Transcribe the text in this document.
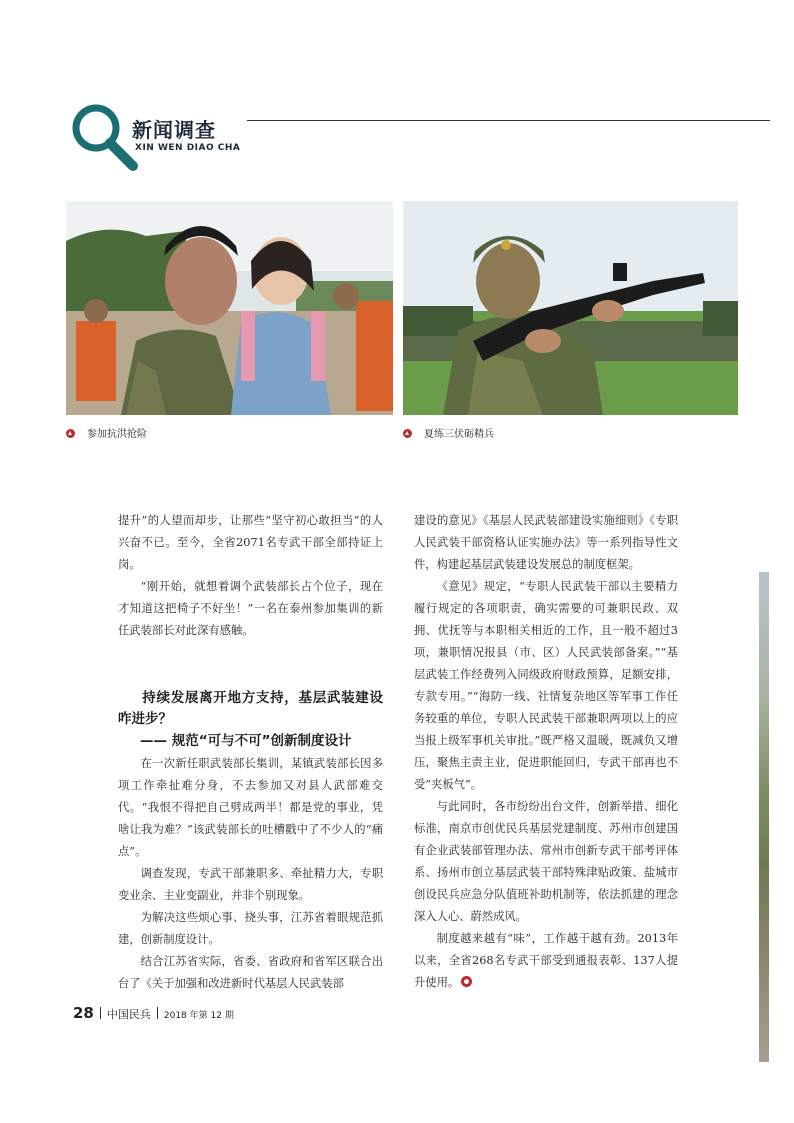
新闻调查
XIN WEN DIAO CHA
参加抗洪抢险	夏练三伏砺精兵

提升”的人望而却步，让那些“坚守初心敢担当”的人兴奋不已。至今，全省2071名专武干部全部持证上岗。

“刚开始，就想着调个武装部长占个位子，现在才知道这把椅子不好坐！”一名在泰州参加集训的新任武装部长对此深有感触。

持续发展离开地方支持，基层武装建设咋进步？

—— 规范“可与不可”创新制度设计

在一次新任职武装部长集训，某镇武装部长因多项工作牵扯难分身，不去参加又对县人武部难交代。“我恨不得把自己劈成两半！都是党的事业，凭啥让我为难？”该武装部长的吐槽戳中了不少人的“痛点”。

调查发现，专武干部兼职多、牵扯精力大，专职变业余、主业变副业，并非个别现象。

为解决这些烦心事、挠头事，江苏省着眼规范抓建，创新制度设计。

结合江苏省实际，省委、省政府和省军区联合出台了《关于加强和改进新时代基层人民武装部

建设的意见》《基层人民武装部建设实施细则》《专职人民武装干部资格认证实施办法》等一系列指导性文件，构建起基层武装建设发展总的制度框架。

《意见》规定，“专职人民武装干部以主要精力履行规定的各项职责，确实需要的可兼职民政、双拥、优抚等与本职相关相近的工作，且一般不超过3项，兼职情况报县（市、区）人民武装部备案。”“基层武装工作经费列入同级政府财政预算，足额安排，专款专用。”“海防一线、社情复杂地区等军事工作任务较重的单位，专职人民武装干部兼职两项以上的应当报上级军事机关审批。”既严格又温暖，既减负又增压，聚焦主责主业，促进职能回归，专武干部再也不受“夹板气”。

与此同时，各市纷纷出台文件，创新举措、细化标准，南京市创优民兵基层党建制度、苏州市创建国有企业武装部管理办法、常州市创新专武干部考评体系、扬州市创立基层武装干部特殊津贴政策、盐城市创设民兵应急分队值班补助机制等，依法抓建的理念深入人心、蔚然成风。

制度越来越有“味”，工作越干越有劲。2013年以来，全省268名专武干部受到通报表彰、137人提升使用。

28 中国民兵 2018 年第 12 期
